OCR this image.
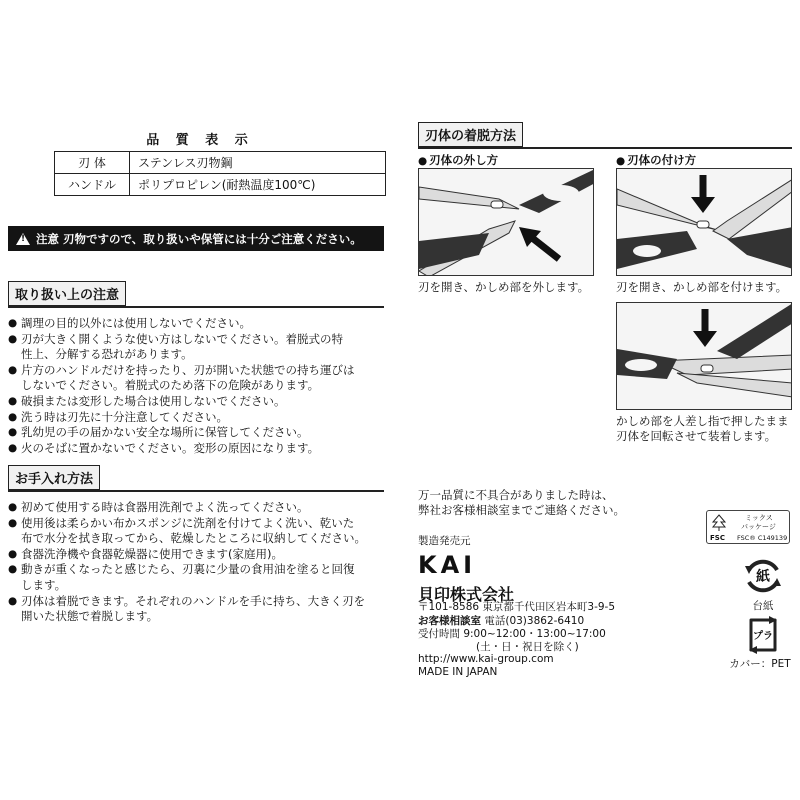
品 質 表 示
刃 体	ステンレス刃物鋼
ハンドル	ポリプロピレン(耐熱温度100℃)
!
注意 刃物ですので、取り扱いや保管には十分ご注意ください。
取り扱い上の注意
● 調理の目的以外には使用しないでください。
● 刃が大きく開くような使い方はしないでください。着脱式の特
性上、分解する恐れがあります。
● 片方のハンドルだけを持ったり、刃が開いた状態での持ち運びは
しないでください。着脱式のため落下の危険があります。
● 破損または変形した場合は使用しないでください。
● 洗う時は刃先に十分注意してください。
● 乳幼児の手の届かない安全な場所に保管してください。
● 火のそばに置かないでください。変形の原因になります。
お手入れ方法
● 初めて使用する時は食器用洗剤でよく洗ってください。
● 使用後は柔らかい布かスポンジに洗剤を付けてよく洗い、乾いた
布で水分を拭き取ってから、乾燥したところに収納してください。
● 食器洗浄機や食器乾燥器に使用できます(家庭用)。
● 動きが重くなったと感じたら、刃裏に少量の食用油を塗ると回復
します。
● 刃体は着脱できます。それぞれのハンドルを手に持ち、大きく刃を
開いた状態で着脱します。
刃体の着脱方法
● 刃体の外し方
刃を開き、かしめ部を外します。
● 刃体の付け方
刃を開き、かしめ部を付けます。
かしめ部を人差し指で押したまま
刃体を回転させて装着します。
万一品質に不具合がありました時は、
弊社お客様相談室までご連絡ください。
製造発売元
KAI
貝印株式会社
〒101-8586 東京都千代田区岩本町3-9-5
お客様相談室 電話(03)3862-6410
受付時間 9:00~12:00・13:00~17:00
(土・日・祝日を除く)
http://www.kai-group.com
MADE IN JAPAN
ミックス
パッケージ
FSC FSC® C149139
紙
台紙
プラ
カバー：PET
